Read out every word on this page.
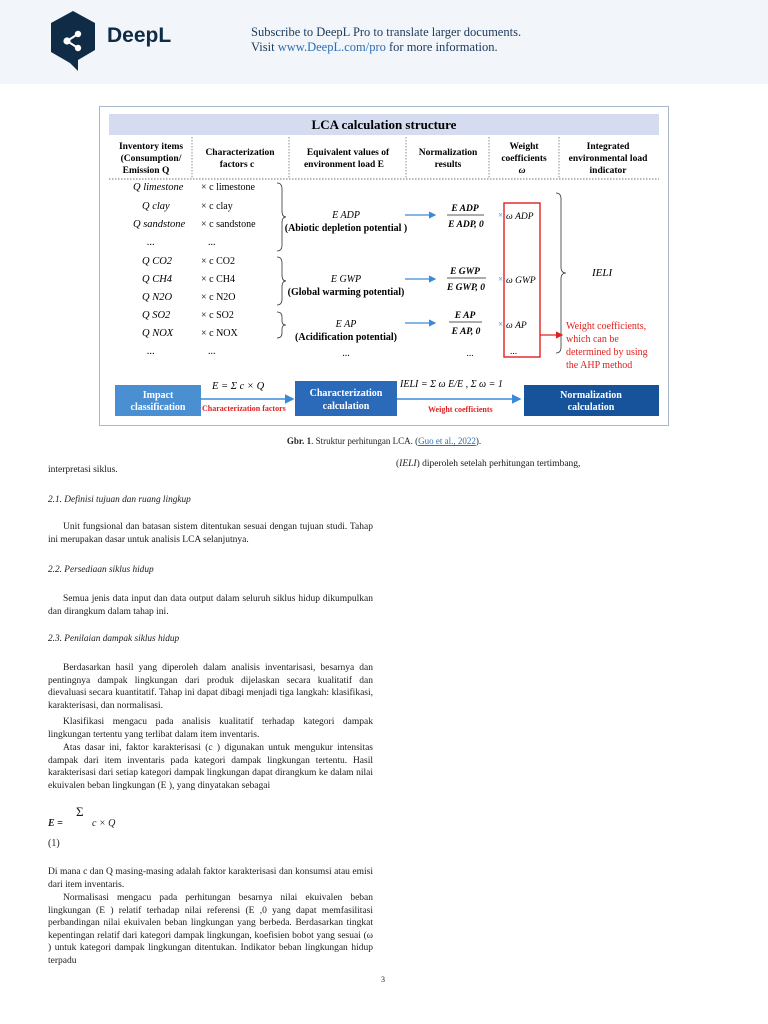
DeepL	Subscribe to DeepL Pro to translate larger documents.
Visit www.DeepL.com/pro for more information.
LCA calculation structure
Inventory items
(Consumption/
Emission Q
Characterization
factors c
Equivalent values of
environment load E
Normalization
results
Weight
coefficients
ω
Integrated
environmental load
indicator
Q limestone
Q clay
Q sandstone
...
Q CO2
Q CH4
Q N2O
Q SO2
Q NOX
...
× c limestone
× c clay
× c sandstone
...
× c CO2
× c CH4
× c N2O
× c SO2
× c NOX
...
E ADP
(Abiotic depletion potential )
E GWP
(Global warming potential)
E AP
(Acidification potential)
...
E ADP
E ADP, 0
E GWP
E GWP, 0
E AP
E AP, 0
...
×
×
×
ω ADP
ω GWP
ω AP
...
IELI
Weight coefficients,
which can be
determined by using
the AHP method
Impact
classification
E = Σ c × Q
Characterization factors
Characterization
calculation
IELI = Σ ω E/E , Σ ω = 1
Weight coefficients
Normalization
calculation
Gbr. 1. Struktur perhitungan LCA. (Guo et al., 2022).
(IELI) diperoleh setelah perhitungan tertimbang,
interpretasi siklus.
2.1. Definisi tujuan dan ruang lingkup
Unit fungsional dan batasan sistem ditentukan sesuai dengan tujuan studi. Tahap ini merupakan dasar untuk analisis LCA selanjutnya.
2.2. Persediaan siklus hidup
Semua jenis data input dan data output dalam seluruh siklus hidup dikumpulkan dan dirangkum dalam tahap ini.
2.3. Penilaian dampak siklus hidup
Berdasarkan hasil yang diperoleh dalam analisis inventarisasi, besarnya dan pentingnya dampak lingkungan dari produk dijelaskan secara kualitatif dan dievaluasi secara kuantitatif. Tahap ini dapat dibagi menjadi tiga langkah: klasifikasi, karakterisasi, dan normalisasi.
Klasifikasi mengacu pada analisis kualitatif terhadap kategori dampak lingkungan tertentu yang terlibat dalam item inventaris.
Atas dasar ini, faktor karakterisasi (c ) digunakan untuk mengukur intensitas dampak dari item inventaris pada kategori dampak lingkungan tertentu. Hasil karakterisasi dari setiap kategori dampak lingkungan dapat dirangkum ke dalam nilai ekuivalen beban lingkungan (E ), yang dinyatakan sebagai
E =
Σ
c × Q
(1)
Di mana c dan Q masing-masing adalah faktor karakterisasi dan konsumsi atau emisi dari item inventaris.
Normalisasi mengacu pada perhitungan besarnya nilai ekuivalen beban lingkungan (E ) relatif terhadap nilai referensi (E ,0 yang dapat memfasilitasi perbandingan nilai ekuivalen beban lingkungan yang berbeda. Berdasarkan tingkat kepentingan relatif dari kategori dampak lingkungan, koefisien bobot yang sesuai (ω ) untuk kategori dampak lingkungan ditentukan. Indikator beban lingkungan hidup terpadu
3
